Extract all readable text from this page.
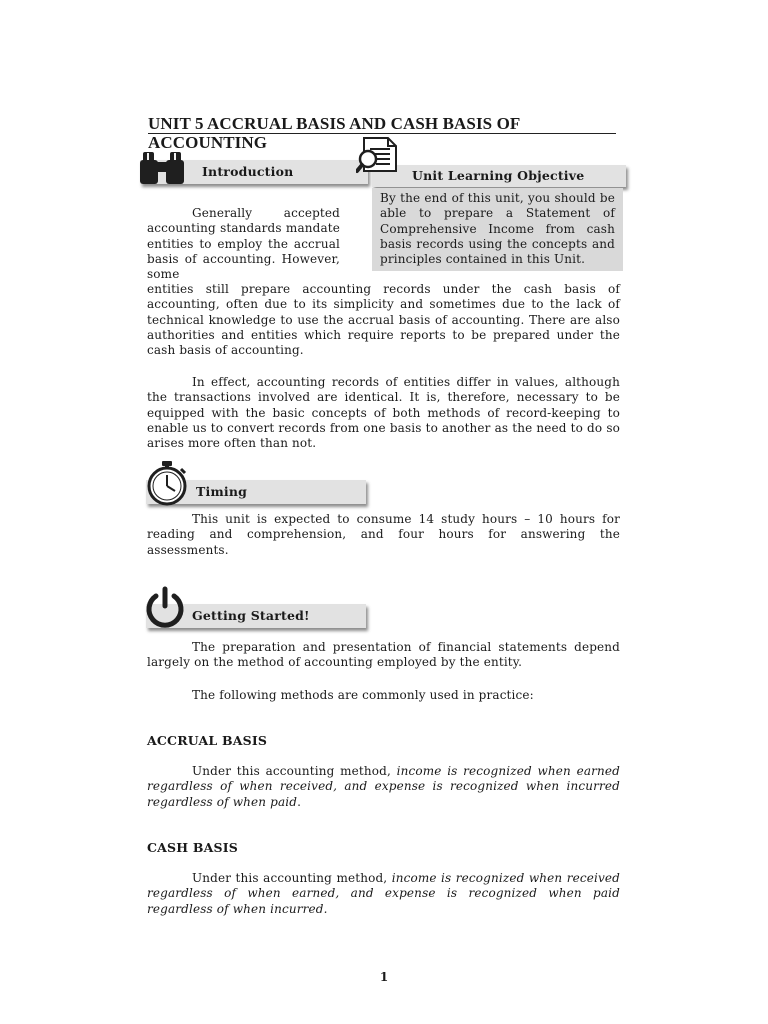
UNIT 5 ACCRUAL BASIS AND CASH BASIS OF ACCOUNTING
Introduction	Unit Learning Objective

By the end of this unit, you should be able to prepare a Statement of Comprehensive Income from cash basis records using the concepts and principles contained in this Unit.

Generally accepted accounting standards mandate entities to employ the accrual basis of accounting. However, some

entities still prepare accounting records under the cash basis of accounting, often due to its simplicity and sometimes due to the lack of technical knowledge to use the accrual basis of accounting. There are also authorities and entities which require reports to be prepared under the cash basis of accounting.

In effect, accounting records of entities differ in values, although the transactions involved are identical. It is, therefore, necessary to be equipped with the basic concepts of both methods of record-keeping to enable us to convert records from one basis to another as the need to do so arises more often than not.

Timing

This unit is expected to consume 14 study hours – 10 hours for reading and comprehension, and four hours for answering the assessments.

Getting Started!

The preparation and presentation of financial statements depend largely on the method of accounting employed by the entity.

The following methods are commonly used in practice:

ACCRUAL BASIS

Under this accounting method, income is recognized when earned regardless of when received, and expense is recognized when incurred regardless of when paid.

CASH BASIS

Under this accounting method, income is recognized when received regardless of when earned, and expense is recognized when paid regardless of when incurred.

1
